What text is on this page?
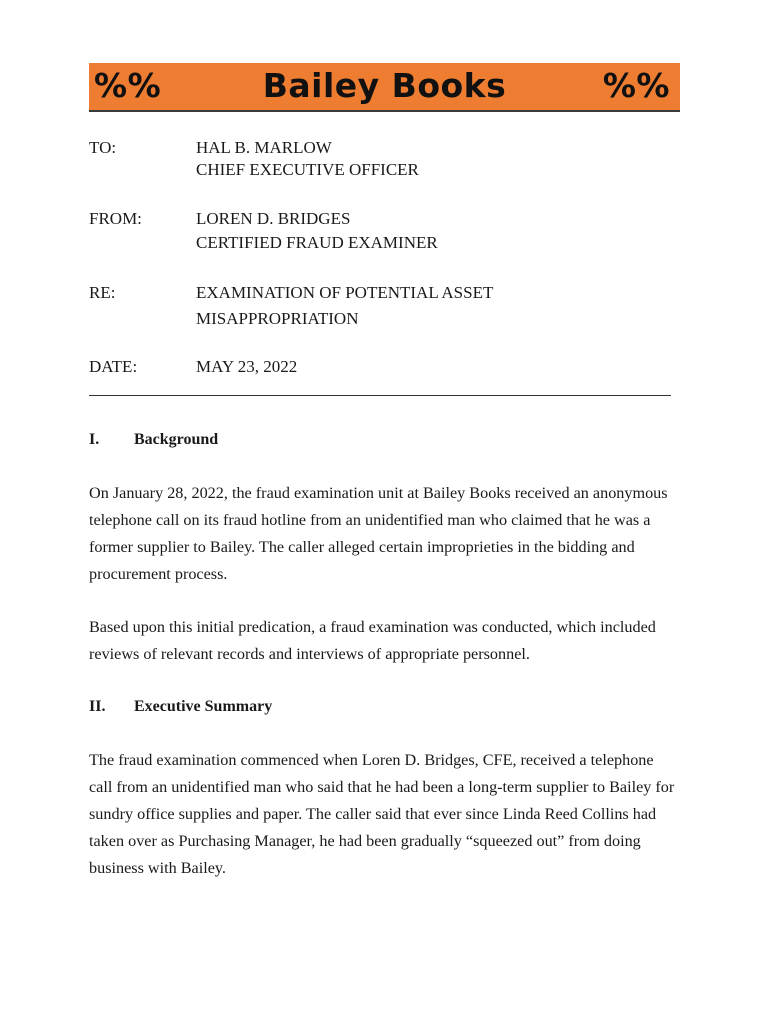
%%	Bailey Books	%%
TO:	HAL B. MARLOW
CHIEF EXECUTIVE OFFICER
FROM:	LOREN D. BRIDGES
CERTIFIED FRAUD EXAMINER
RE:	EXAMINATION OF POTENTIAL ASSET
MISAPPROPRIATION
DATE:	MAY 23, 2022
I. Background

On January 28, 2022, the fraud examination unit at Bailey Books received an anonymous telephone call on its fraud hotline from an unidentified man who claimed that he was a former supplier to Bailey. The caller alleged certain improprieties in the bidding and procurement process.

Based upon this initial predication, a fraud examination was conducted, which included reviews of relevant records and interviews of appropriate personnel.

II. Executive Summary

The fraud examination commenced when Loren D. Bridges, CFE, received a telephone call from an unidentified man who said that he had been a long-term supplier to Bailey for sundry office supplies and paper. The caller said that ever since Linda Reed Collins had taken over as Purchasing Manager, he had been gradually “squeezed out” from doing business with Bailey.
